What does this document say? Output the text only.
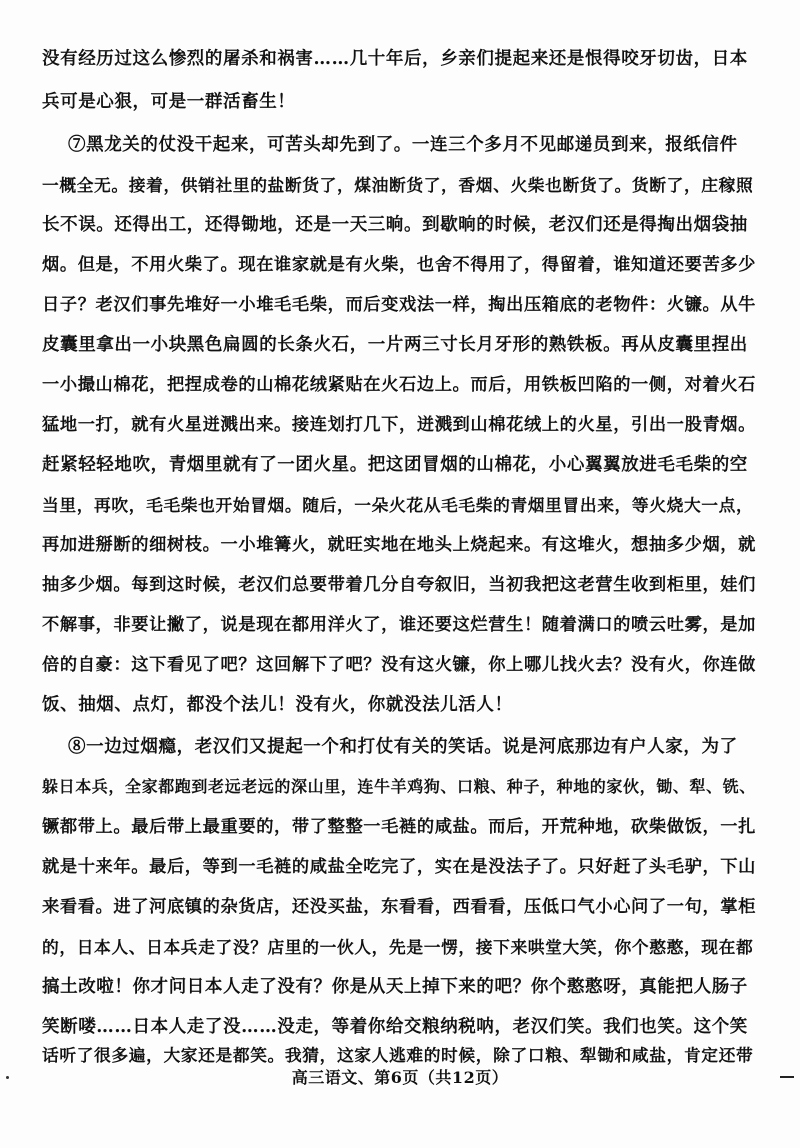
没有经历过这么惨烈的屠杀和祸害……几十年后，乡亲们提起来还是恨得咬牙切齿，日本
兵可是心狠，可是一群活畜生！
⑦黑龙关的仗没干起来，可苦头却先到了。一连三个多月不见邮递员到来，报纸信件
一概全无。接着，供销社里的盐断货了，煤油断货了，香烟、火柴也断货了。货断了，庄稼照
长不误。还得出工，还得锄地，还是一天三晌。到歇晌的时候，老汉们还是得掏出烟袋抽
烟。但是，不用火柴了。现在谁家就是有火柴，也舍不得用了，得留着，谁知道还要苦多少
日子？老汉们事先堆好一小堆毛毛柴，而后变戏法一样，掏出压箱底的老物件：火镰。从牛
皮囊里拿出一小块黑色扁圆的长条火石，一片两三寸长月牙形的熟铁板。再从皮囊里捏出
一小撮山棉花，把捏成卷的山棉花绒紧贴在火石边上。而后，用铁板凹陷的一侧，对着火石
猛地一打，就有火星迸溅出来。接连划打几下，迸溅到山棉花绒上的火星，引出一股青烟。
赶紧轻轻地吹，青烟里就有了一团火星。把这团冒烟的山棉花，小心翼翼放进毛毛柴的空
当里，再吹，毛毛柴也开始冒烟。随后，一朵火花从毛毛柴的青烟里冒出来，等火烧大一点，
再加进掰断的细树枝。一小堆篝火，就旺实地在地头上烧起来。有这堆火，想抽多少烟，就
抽多少烟。每到这时候，老汉们总要带着几分自夸叙旧，当初我把这老营生收到柜里，娃们
不解事，非要让撇了，说是现在都用洋火了，谁还要这烂营生！随着满口的喷云吐雾，是加
倍的自豪：这下看见了吧？这回解下了吧？没有这火镰，你上哪儿找火去？没有火，你连做
饭、抽烟、点灯，都没个法儿！没有火，你就没法儿活人！
⑧一边过烟瘾，老汉们又提起一个和打仗有关的笑话。说是河底那边有户人家，为了
躲日本兵，全家都跑到老远老远的深山里，连牛羊鸡狗、口粮、种子，种地的家伙，锄、犁、铣、
镢都带上。最后带上最重要的，带了整整一毛裢的咸盐。而后，开荒种地，砍柴做饭，一扎
就是十来年。最后，等到一毛裢的咸盐全吃完了，实在是没法子了。只好赶了头毛驴，下山
来看看。进了河底镇的杂货店，还没买盐，东看看，西看看，压低口气小心问了一句，掌柜
的，日本人、日本兵走了没？店里的一伙人，先是一愣，接下来哄堂大笑，你个憨憨，现在都
搞土改啦！你才问日本人走了没有？你是从天上掉下来的吧？你个憨憨呀，真能把人肠子
笑断喽……日本人走了没……没走，等着你给交粮纳税呐，老汉们笑。我们也笑。这个笑
话听了很多遍，大家还是都笑。我猜，这家人逃难的时候，除了口粮、犁锄和咸盐，肯定还带
高三语文、第6页（共12页）
